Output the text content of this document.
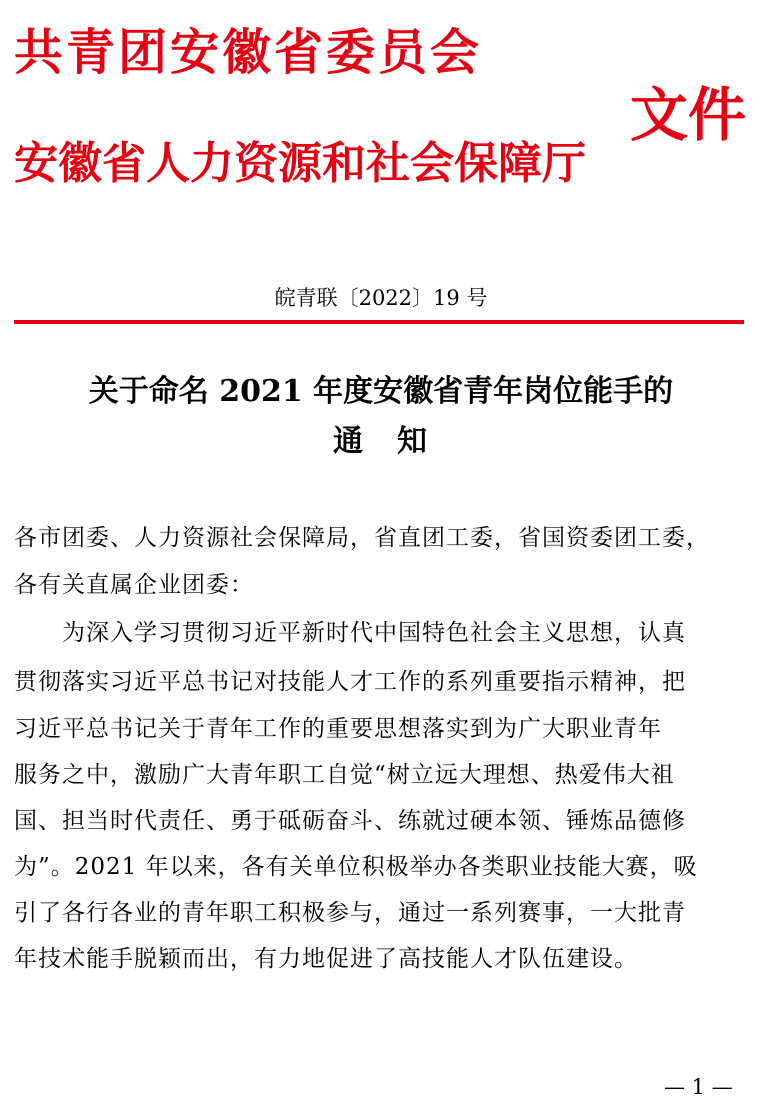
共青团安徽省委员会
安徽省人力资源和社会保障厅
文件

皖青联〔2022〕19 号

关于命名 2021 年度安徽省青年岗位能手的
通　知

各市团委、人力资源社会保障局，省直团工委，省国资委团工委，

各有关直属企业团委：

　　为深入学习贯彻习近平新时代中国特色社会主义思想，认真

贯彻落实习近平总书记对技能人才工作的系列重要指示精神，把

习近平总书记关于青年工作的重要思想落实到为广大职业青年

服务之中，激励广大青年职工自觉“树立远大理想、热爱伟大祖

国、担当时代责任、勇于砥砺奋斗、练就过硬本领、锤炼品德修

为”。2021 年以来，各有关单位积极举办各类职业技能大赛，吸

引了各行各业的青年职工积极参与，通过一系列赛事，一大批青

年技术能手脱颖而出，有力地促进了高技能人才队伍建设。

— 1 —
